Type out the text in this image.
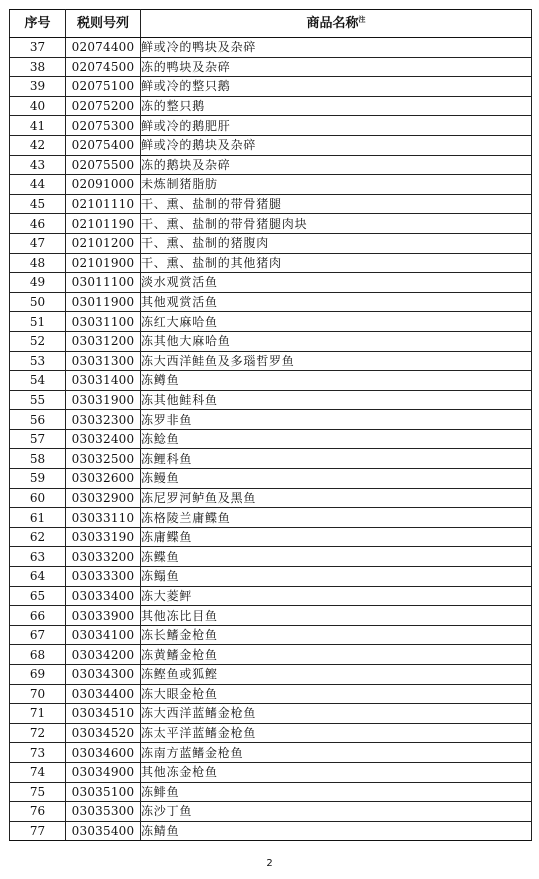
序号	税则号列	商品名称$^注$
37	02074400	鲜或冷的鸭块及杂碎
38	02074500	冻的鸭块及杂碎
39	02075100	鲜或冷的整只鹅
40	02075200	冻的整只鹅
41	02075300	鲜或冷的鹅肥肝
42	02075400	鲜或冷的鹅块及杂碎
43	02075500	冻的鹅块及杂碎
44	02091000	未炼制猪脂肪
45	02101110	干、熏、盐制的带骨猪腿
46	02101190	干、熏、盐制的带骨猪腿肉块
47	02101200	干、熏、盐制的猪腹肉
48	02101900	干、熏、盐制的其他猪肉
49	03011100	淡水观赏活鱼
50	03011900	其他观赏活鱼
51	03031100	冻红大麻哈鱼
52	03031200	冻其他大麻哈鱼
53	03031300	冻大西洋鲑鱼及多瑙哲罗鱼
54	03031400	冻鳟鱼
55	03031900	冻其他鲑科鱼
56	03032300	冻罗非鱼
57	03032400	冻鲶鱼
58	03032500	冻鲤科鱼
59	03032600	冻鳗鱼
60	03032900	冻尼罗河鲈鱼及黑鱼
61	03033110	冻格陵兰庸鲽鱼
62	03033190	冻庸鲽鱼
63	03033200	冻鲽鱼
64	03033300	冻鳎鱼
65	03033400	冻大菱鲆
66	03033900	其他冻比目鱼
67	03034100	冻长鳍金枪鱼
68	03034200	冻黄鳍金枪鱼
69	03034300	冻鲣鱼或狐鲣
70	03034400	冻大眼金枪鱼
71	03034510	冻大西洋蓝鳍金枪鱼
72	03034520	冻太平洋蓝鳍金枪鱼
73	03034600	冻南方蓝鳍金枪鱼
74	03034900	其他冻金枪鱼
75	03035100	冻鲱鱼
76	03035300	冻沙丁鱼
77	03035400	冻鲭鱼
2
